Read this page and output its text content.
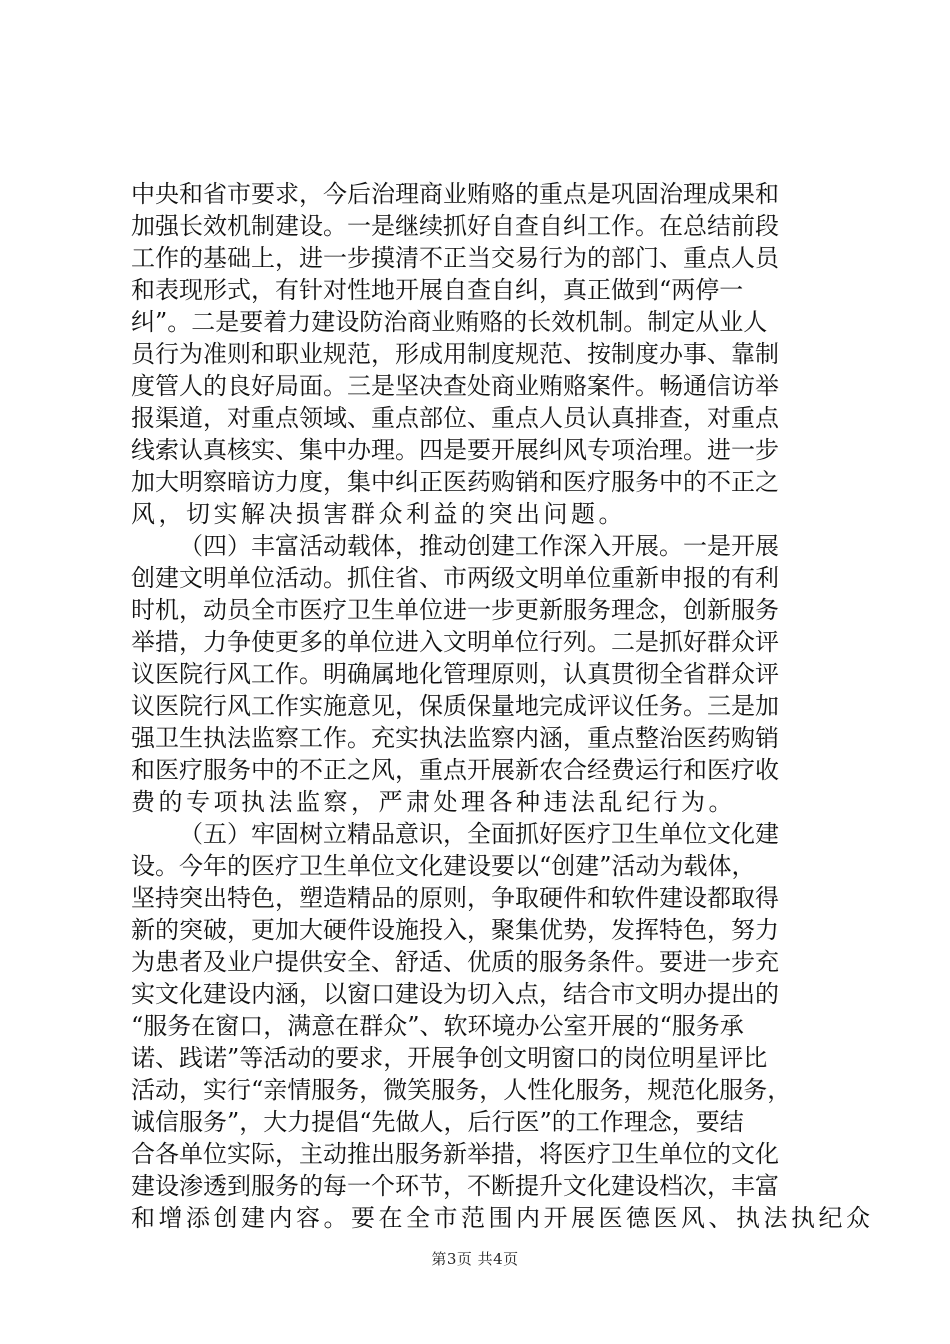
中央和省市要求，今后治理商业贿赂的重点是巩固治理成果和
加强长效机制建设。一是继续抓好自查自纠工作。在总结前段
工作的基础上，进一步摸清不正当交易行为的部门、重点人员
和表现形式，有针对性地开展自查自纠，真正做到“两停一
纠”。二是要着力建设防治商业贿赂的长效机制。制定从业人
员行为准则和职业规范，形成用制度规范、按制度办事、靠制
度管人的良好局面。三是坚决查处商业贿赂案件。畅通信访举
报渠道，对重点领域、重点部位、重点人员认真排查，对重点
线索认真核实、集中办理。四是要开展纠风专项治理。进一步
加大明察暗访力度，集中纠正医药购销和医疗服务中的不正之
风，切实解决损害群众利益的突出问题。
（四）丰富活动载体，推动创建工作深入开展。一是开展
创建文明单位活动。抓住省、市两级文明单位重新申报的有利
时机，动员全市医疗卫生单位进一步更新服务理念，创新服务
举措，力争使更多的单位进入文明单位行列。二是抓好群众评
议医院行风工作。明确属地化管理原则，认真贯彻全省群众评
议医院行风工作实施意见，保质保量地完成评议任务。三是加
强卫生执法监察工作。充实执法监察内涵，重点整治医药购销
和医疗服务中的不正之风，重点开展新农合经费运行和医疗收
费的专项执法监察，严肃处理各种违法乱纪行为。
（五）牢固树立精品意识，全面抓好医疗卫生单位文化建
设。今年的医疗卫生单位文化建设要以“创建”活动为载体，
坚持突出特色，塑造精品的原则，争取硬件和软件建设都取得
新的突破，更加大硬件设施投入，聚集优势，发挥特色，努力
为患者及业户提供安全、舒适、优质的服务条件。要进一步充
实文化建设内涵，以窗口建设为切入点，结合市文明办提出的
“服务在窗口，满意在群众”、软环境办公室开展的“服务承
诺、践诺”等活动的要求，开展争创文明窗口的岗位明星评比
活动，实行“亲情服务，微笑服务，人性化服务，规范化服务，
诚信服务”，大力提倡“先做人，后行医”的工作理念，要结
合各单位实际，主动推出服务新举措，将医疗卫生单位的文化
建设渗透到服务的每一个环节，不断提升文化建设档次，丰富
和增添创建内容。要在全市范围内开展医德医风、执法执纪众
第3页 共4页
